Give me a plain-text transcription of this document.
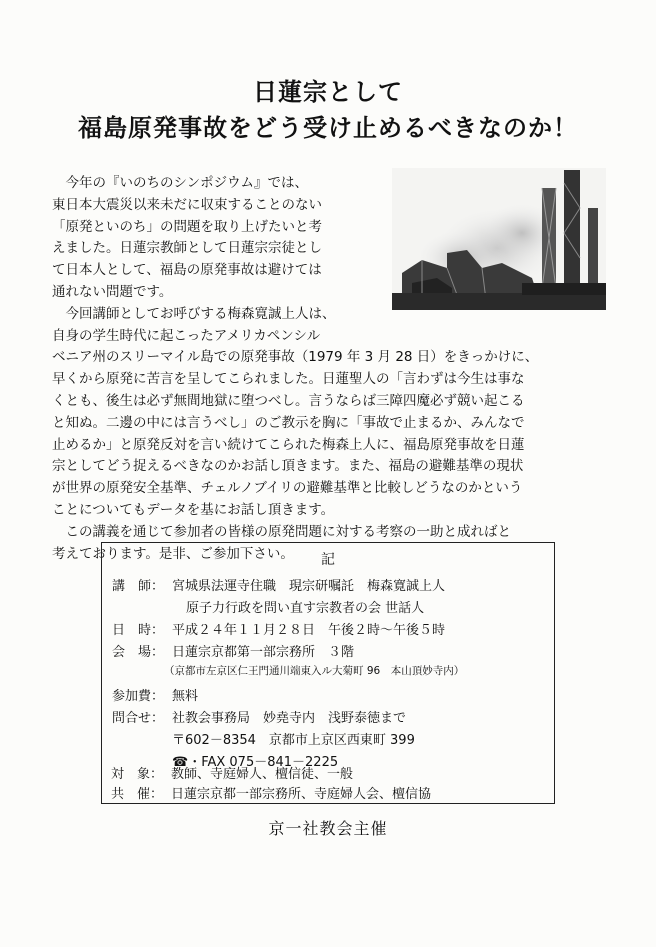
日蓮宗として
福島原発事故をどう受け止めるべきなのか！

今年の『いのちのシンポジウム』では、

東日本大震災以来未だに収束することのない

「原発といのち」の問題を取り上げたいと考

えました。日蓮宗教師として日蓮宗宗徒とし

て日本人として、福島の原発事故は避けては

通れない問題です。

今回講師としてお呼びする梅森寛誠上人は、

自身の学生時代に起こったアメリカペンシル

ベニア州のスリーマイル島での原発事故（1979 年 3 月 28 日）をきっかけに、

早くから原発に苦言を呈してこられました。日蓮聖人の「言わずは今生は事な

くとも、後生は必ず無間地獄に堕つべし。言うならば三障四魔必ず競い起こる

と知ぬ。二邊の中には言うべし」のご教示を胸に「事故で止まるか、みんなで

止めるか」と原発反対を言い続けてこられた梅森上人に、福島原発事故を日蓮

宗としてどう捉えるべきなのかお話し頂きます。また、福島の避難基準の現状

が世界の原発安全基準、チェルノブイリの避難基準と比較しどうなのかという

ことについてもデータを基にお話し頂きます。

この講義を通じて参加者の皆様の原発問題に対する考察の一助と成ればと

考えております。是非、ご参加下さい。	記
講　師： 宮城県法運寺住職　現宗研嘱託　梅森寛誠上人
原子力行政を問い直す宗教者の会 世話人
日　時： 平成２４年１１月２８日　午後２時～午後５時
会　場： 日蓮宗京都第一部宗務所　３階
（京都市左京区仁王門通川端東入ル大菊町 96　本山頂妙寺内）
参加費： 無料
問合せ： 社教会事務局　妙堯寺内　浅野泰徳まで
〒602－8354　京都市上京区西東町 399
☎・FAX 075－841－2225
対　象： 教師、寺庭婦人、檀信徒、一般
共　催： 日蓮宗京都一部宗務所、寺庭婦人会、檀信協
京一社教会主催
